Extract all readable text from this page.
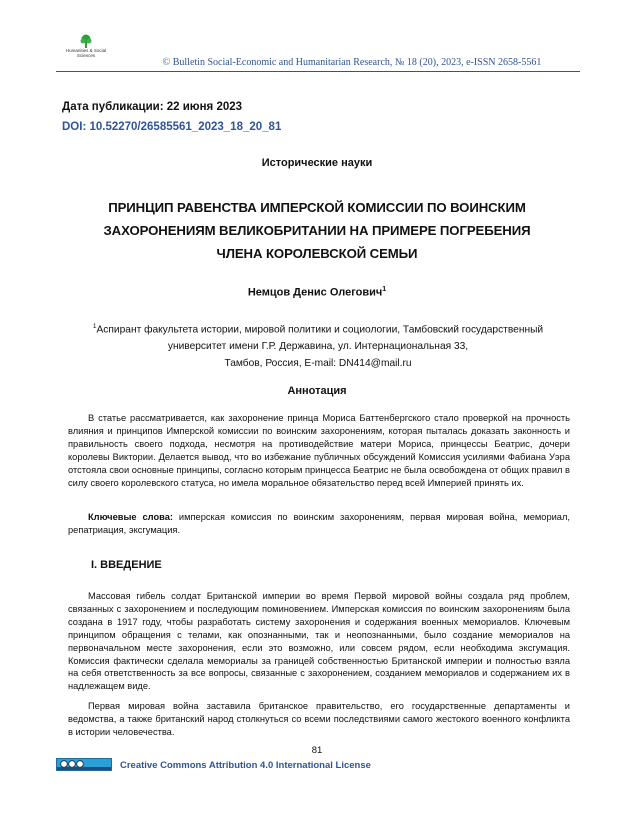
Humanities & Social
Sciences
© Bulletin Social-Economic and Humanitarian Research, № 18 (20), 2023, e-ISSN 2658-5561
Дата публикации: 22 июня 2023
DOI: 10.52270/26585561_2023_18_20_81
Исторические науки
ПРИНЦИП РАВЕНСТВА ИМПЕРСКОЙ КОМИССИИ ПО ВОИНСКИМ
ЗАХОРОНЕНИЯМ ВЕЛИКОБРИТАНИИ НА ПРИМЕРЕ ПОГРЕБЕНИЯ
ЧЛЕНА КОРОЛЕВСКОЙ СЕМЬИ
Немцов Денис Олегович$^1$
$^1$Аспирант факультета истории, мировой политики и социологии, Тамбовский государственный
университет имени Г.Р. Державина, ул. Интернациональная 33,
Тамбов, Россия, E-mail: DN414@mail.ru
Аннотация

В статье рассматривается, как захоронение принца Мориса Баттенбергского стало проверкой на прочность влияния и принципов Имперской комиссии по воинским захоронениям, которая пыталась доказать законность и правильность своего подхода, несмотря на противодействие матери Мориса, принцессы Беатрис, дочери королевы Виктории. Делается вывод, что во избежание публичных обсуждений Комиссия усилиями Фабиана Уэра отстояла свои основные принципы, согласно которым принцесса Беатрис не была освобождена от общих правил в силу своего королевского статуса, но имела моральное обязательство перед всей Империей принять их.

Ключевые слова: имперская комиссия по воинским захоронениям, первая мировая война, мемориал, репатриация, эксгумация.

I. ВВЕДЕНИЕ

Массовая гибель солдат Британской империи во время Первой мировой войны создала ряд проблем, связанных с захоронением и последующим поминовением. Имперская комиссия по воинским захоронениям была создана в 1917 году, чтобы разработать систему захоронения и содержания военных мемориалов. Ключевым принципом обращения с телами, как опознанными, так и неопознанными, было создание мемориалов на первоначальном месте захоронения, если это возможно, или совсем рядом, если необходима эксгумация. Комиссия фактически сделала мемориалы за границей собственностью Британской империи и полностью взяла на себя ответственность за все вопросы, связанные с захоронением, созданием мемориалов и содержанием их в надлежащем виде.

Первая мировая война заставила британское правительство, его государственные департаменты и ведомства, а также британский народ столкнуться со всеми последствиями самого жестокого военного конфликта в истории человечества.

81
Creative Commons Attribution 4.0 International License
